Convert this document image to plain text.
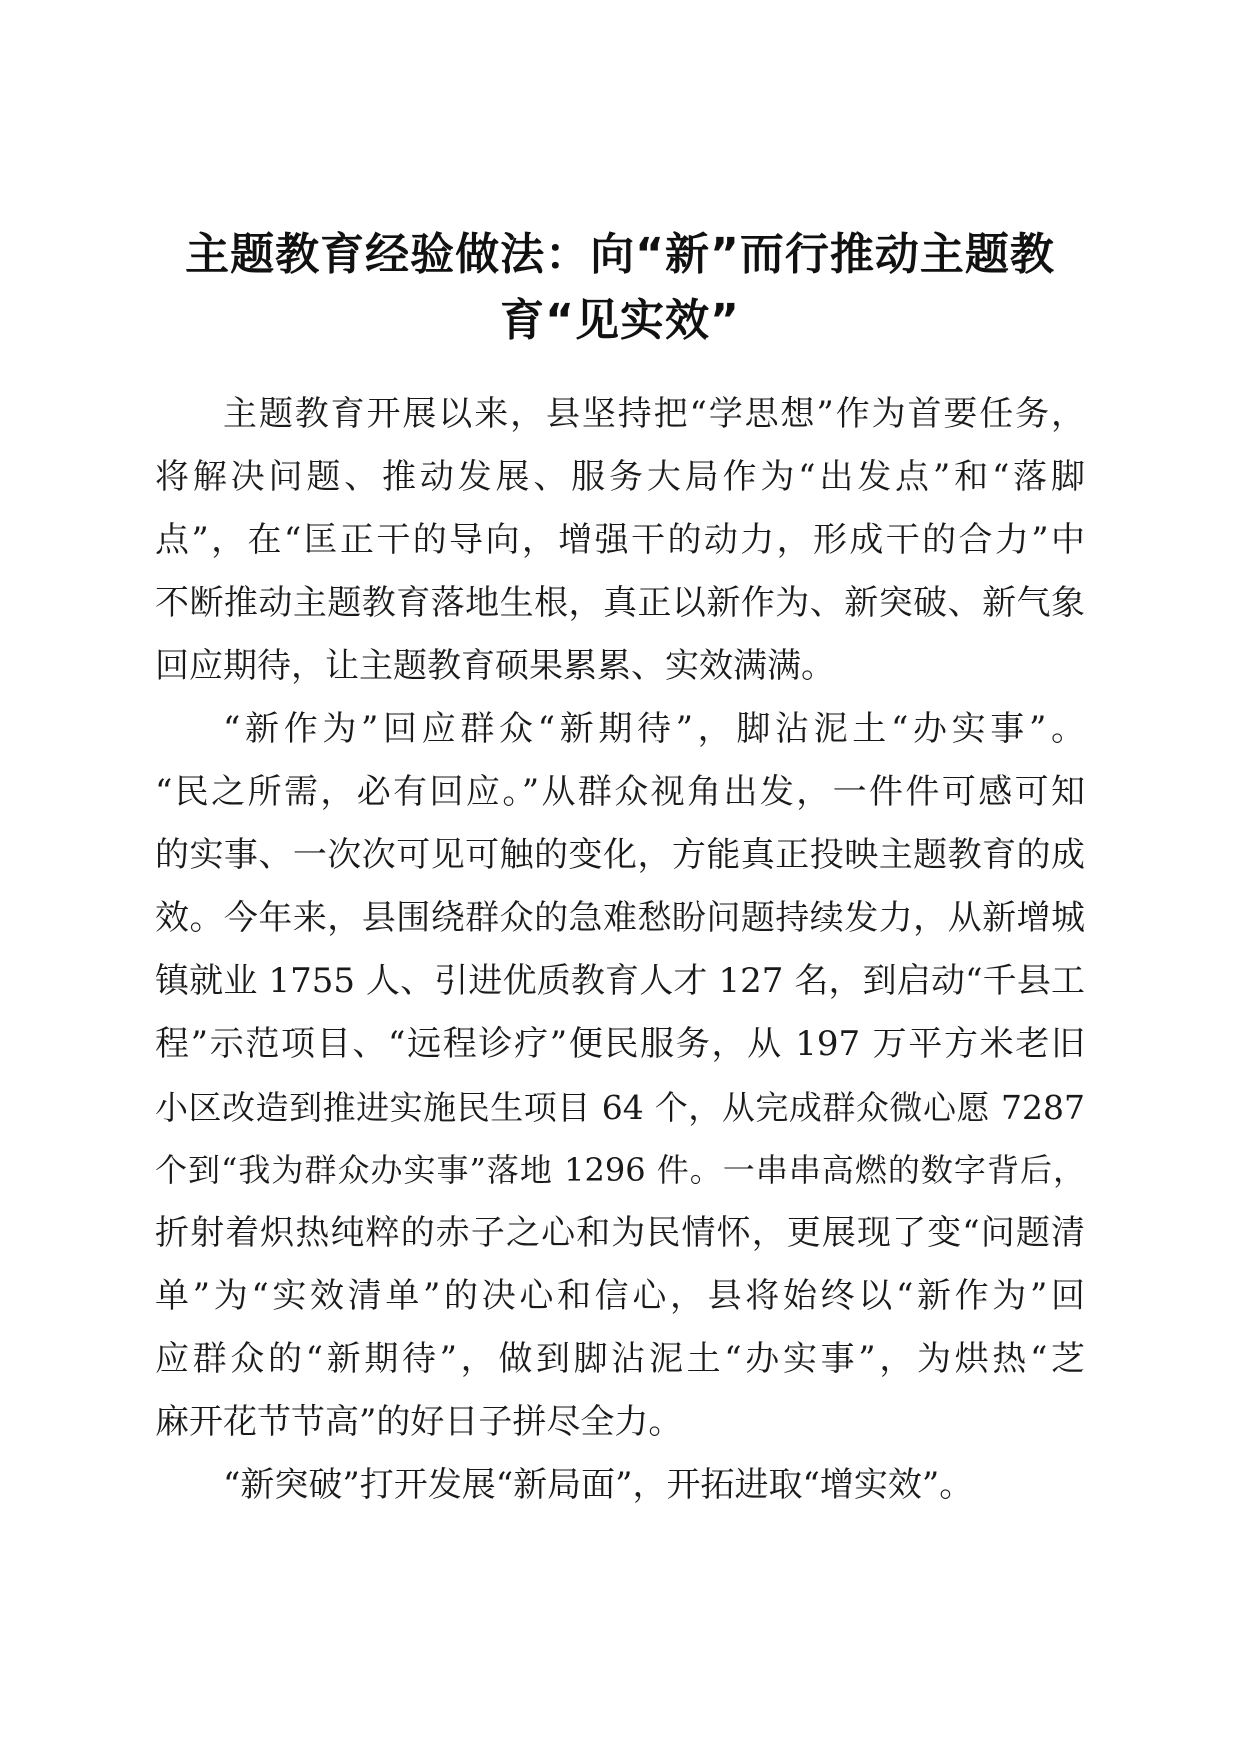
主题教育经验做法：向“新”而行推动主题教
育“见实效”
主题教育开展以来，县坚持把“学思想”作为首要任务，
将解决问题、推动发展、服务大局作为“出发点”和“落脚
点”，在“匡正干的导向，增强干的动力，形成干的合力”中
不断推动主题教育落地生根，真正以新作为、新突破、新气象
回应期待，让主题教育硕果累累、实效满满。
“新作为”回应群众“新期待”，脚沾泥土“办实事”。
“民之所需，必有回应。”从群众视角出发，一件件可感可知
的实事、一次次可见可触的变化，方能真正投映主题教育的成
效。今年来，县围绕群众的急难愁盼问题持续发力，从新增城
镇就业 1755 人、引进优质教育人才 127 名，到启动“千县工
程”示范项目、“远程诊疗”便民服务，从 197 万平方米老旧
小区改造到推进实施民生项目 64 个，从完成群众微心愿 7287
个到“我为群众办实事”落地 1296 件。一串串高燃的数字背后，
折射着炽热纯粹的赤子之心和为民情怀，更展现了变“问题清
单”为“实效清单”的决心和信心，县将始终以“新作为”回
应群众的“新期待”，做到脚沾泥土“办实事”，为烘热“芝
麻开花节节高”的好日子拼尽全力。
“新突破”打开发展“新局面”，开拓进取“增实效”。
